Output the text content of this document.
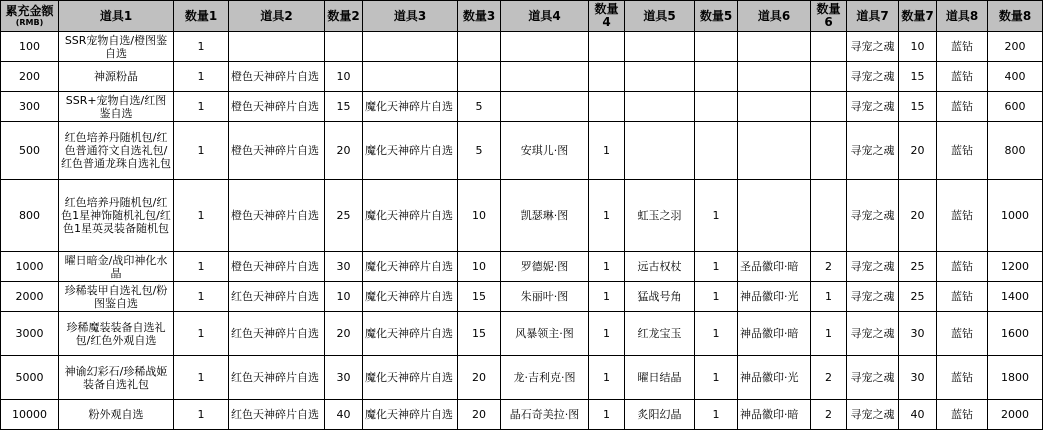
累充金额
(RMB)	道具1	数量1	道具2	数量2	道具3	数量3	道具4	数量4	道具5	数量5	道具6	数量6	道具7	数量7	道具8	数量8
100	SSR宠物自选/橙图鉴自选	1											寻宠之魂	10	蓝钻	200
200	神源粉晶	1	橙色天神碎片自选	10									寻宠之魂	15	蓝钻	400
300	SSR+宠物自选/红图鉴自选	1	橙色天神碎片自选	15	魔化天神碎片自选	5							寻宠之魂	15	蓝钻	600
500	红色培养丹随机包/红色普通符文自选礼包/红色普通龙珠自选礼包	1	橙色天神碎片自选	20	魔化天神碎片自选	5	安琪儿·图	1					寻宠之魂	20	蓝钻	800
800	红色培养丹随机包/红色1星神饰随机礼包/红色1星英灵装备随机包	1	橙色天神碎片自选	25	魔化天神碎片自选	10	凯瑟琳·图	1	虹玉之羽	1			寻宠之魂	20	蓝钻	1000
1000	曜日暗金/战印神化水晶	1	橙色天神碎片自选	30	魔化天神碎片自选	10	罗德妮·图	1	远古权杖	1	圣品徽印·暗	2	寻宠之魂	25	蓝钻	1200
2000	珍稀装甲自选礼包/粉图鉴自选	1	红色天神碎片自选	10	魔化天神碎片自选	15	朱丽叶·图	1	猛战号角	1	神品徽印·光	1	寻宠之魂	25	蓝钻	1400
3000	珍稀魔装装备自选礼包/红色外观自选	1	红色天神碎片自选	20	魔化天神碎片自选	15	风暴领主·图	1	红龙宝玉	1	神品徽印·暗	1	寻宠之魂	30	蓝钻	1600
5000	神谕幻彩石/珍稀战姬装备自选礼包	1	红色天神碎片自选	30	魔化天神碎片自选	20	龙·吉利克·图	1	曜日结晶	1	神品徽印·光	2	寻宠之魂	30	蓝钻	1800
10000	粉外观自选	1	红色天神碎片自选	40	魔化天神碎片自选	20	晶石奇美拉·图	1	炙阳幻晶	1	神品徽印·暗	2	寻宠之魂	40	蓝钻	2000
